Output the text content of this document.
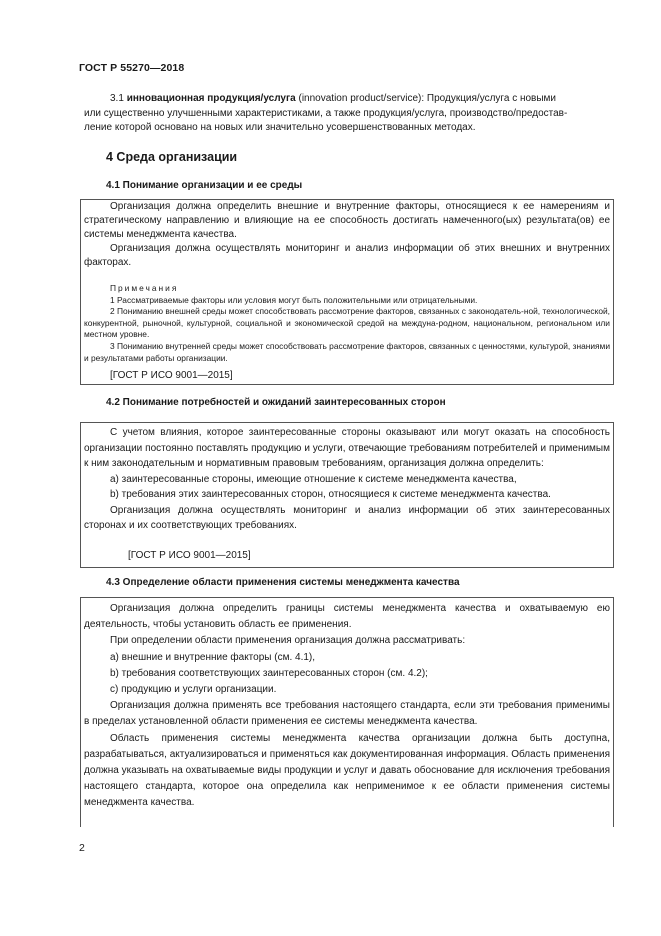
ГОСТ Р 55270—2018

3.1 инновационная продукция/услуга (innovation product/service): Продукция/услуга с новыми

или существенно улучшенными характеристиками, а также продукция/услуга, производство/предостав-

ление которой основано на новых или значительно усовершенствованных методах.

4 Среда организации
4.1 Понимание организации и ее среды

Организация должна определить внешние и внутренние факторы, относящиеся к ее намерениям и стратегическому направлению и влияющие на ее способность достигать намеченного(ых) результата(ов) ее системы менеджмента качества.

Организация должна осуществлять мониторинг и анализ информации об этих внешних и внутренних факторах.

Примечания

1 Рассматриваемые факторы или условия могут быть положительными или отрицательными.

2 Пониманию внешней среды может способствовать рассмотрение факторов, связанных с законодатель-ной, технологической, конкурентной, рыночной, культурной, социальной и экономической средой на междуна-родном, национальном, региональном или местном уровне.

3 Пониманию внутренней среды может способствовать рассмотрение факторов, связанных с ценностями, культурой, знаниями и результатами работы организации.

[ГОСТ Р ИСО 9001—2015]
4.2 Понимание потребностей и ожиданий заинтересованных сторон

С учетом влияния, которое заинтересованные стороны оказывают или могут оказать на способность организации постоянно поставлять продукцию и услуги, отвечающие требованиям потребителей и применимым к ним законодательным и нормативным правовым требованиям, организация должна определить:

а) заинтересованные стороны, имеющие отношение к системе менеджмента качества,

b) требования этих заинтересованных сторон, относящиеся к системе менеджмента качества.

Организация должна осуществлять мониторинг и анализ информации об этих заинтересованных сторонах и их соответствующих требованиях.

[ГОСТ Р ИСО 9001—2015]
4.3 Определение области применения системы менеджмента качества

Организация должна определить границы системы менеджмента качества и охватываемую ею деятельность, чтобы установить область ее применения.

При определении области применения организация должна рассматривать:

а) внешние и внутренние факторы (см. 4.1),

b) требования соответствующих заинтересованных сторон (см. 4.2);

с) продукцию и услуги организации.

Организация должна применять все требования настоящего стандарта, если эти требования применимы в пределах установленной области применения ее системы менеджмента качества.

Область применения системы менеджмента качества организации должна быть доступна, разрабатываться, актуализироваться и применяться как документированная информация. Область применения должна указывать на охватываемые виды продукции и услуг и давать обоснование для исключения требования настоящего стандарта, которое она определила как неприменимое к ее области применения системы менеджмента качества.

2
